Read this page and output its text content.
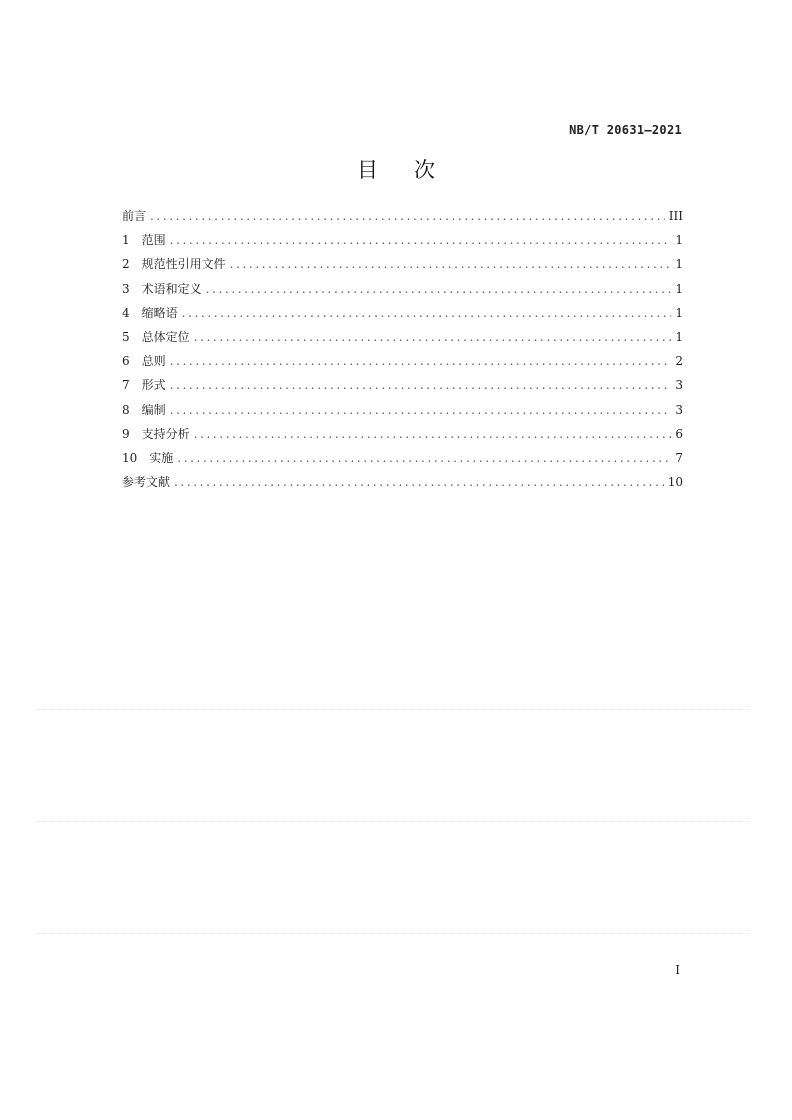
NB/T 20631—2021
目次
前言 .....	III
1 范围 .....	1
2 规范性引用文件 .....	1
3 术语和定义 .....	1
4 缩略语 .....	1
5 总体定位 .....	1
6 总则 .....	2
7 形式 .....	3
8 编制 .....	3
9 支持分析 .....	6
10 实施 .....	7
参考文献 .....	10
I
